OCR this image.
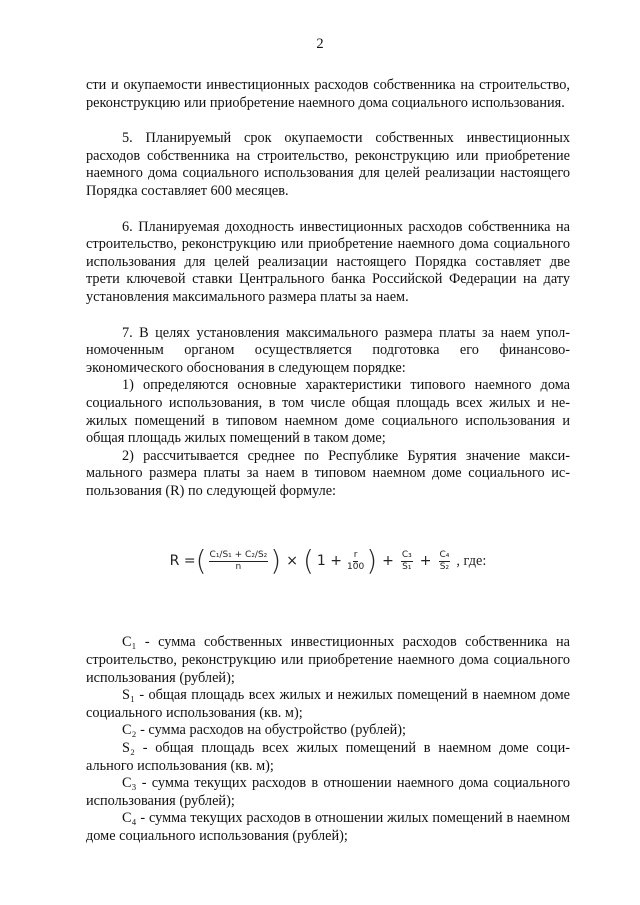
2

сти и окупаемости инвестиционных расходов собственника на строительство, реконструкцию или приобретение наемного дома социального использования.

5. Планируемый срок окупаемости собственных инвестиционных расходов собственника на строительство, реконструкцию или приобретение наемного дома социального использования для целей реализации настоящего Порядка составляет 600 месяцев.

6. Планируемая доходность инвестиционных расходов собственника на строительство, реконструкцию или приобретение наемного дома социального использования для целей реализации настоящего Порядка составляет две трети ключевой ставки Центрального банка Российской Федерации на дату установления максимального размера платы за наем.

7. В целях установления максимального размера платы за наем уполномоченным органом осуществляется подготовка его финансово-экономического обоснования в следующем порядке:

1) определяются основные характеристики типового наемного дома социального использования, в том числе общая площадь всех жилых и нежилых помещений в типовом наемном доме социального использования и общая площадь жилых помещений в таком доме;

2) рассчитывается среднее по Республике Бурятия значение максимального размера платы за наем в типовом наемном доме социального использования (R) по следующей формуле:

R = ( $\frac{\text{C₁/S₁ + C₂/S₂}}{n}$ ) × ( $1 + \frac{r}{100}$ ) + $\frac{\text{C₃}}{\text{S₁}} + \frac{\text{C₄}}{\text{S₂}}$ , где:

С₁ - сумма собственных инвестиционных расходов собственника на строительство, реконструкцию или приобретение наемного дома социального использования (рублей);

S₁ - общая площадь всех жилых и нежилых помещений в наемном доме социального использования (кв. м);

С₂ - сумма расходов на обустройство (рублей);

S₂ - общая площадь всех жилых помещений в наемном доме социального использования (кв. м);

С₃ - сумма текущих расходов в отношении наемного дома социального использования (рублей);

С₄ - сумма текущих расходов в отношении жилых помещений в наемном доме социального использования (рублей);
